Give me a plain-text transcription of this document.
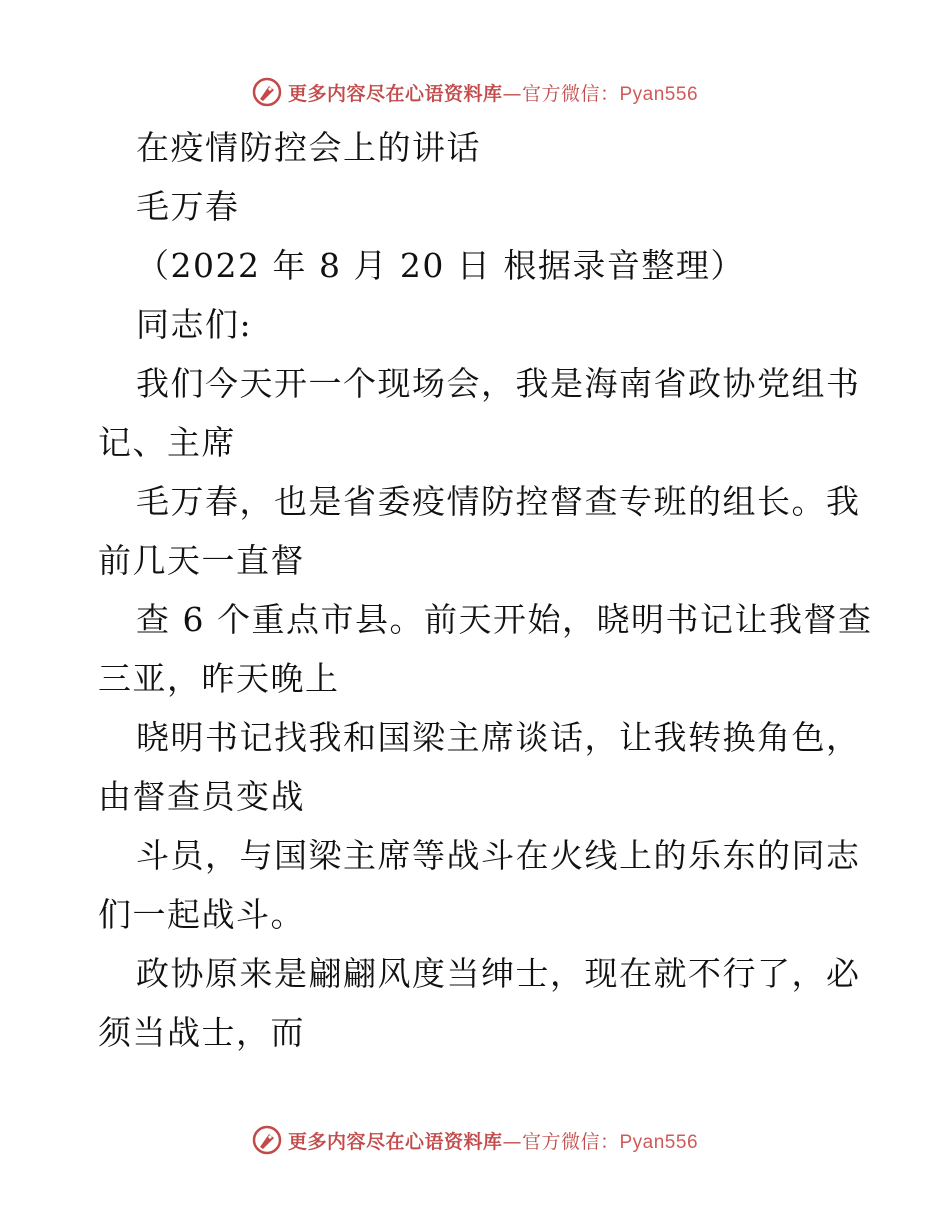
更多内容尽在心语资料库—官方微信：Pyan556
在疫情防控会上的讲话
毛万春
（2022 年 8 月 20 日 根据录音整理）
同志们:
我们今天开一个现场会，我是海南省政协党组书
记、主席
毛万春，也是省委疫情防控督查专班的组长。我
前几天一直督
查 6 个重点市县。前天开始，晓明书记让我督查
三亚，昨天晚上
晓明书记找我和国梁主席谈话，让我转换角色，
由督查员变战
斗员，与国梁主席等战斗在火线上的乐东的同志
们一起战斗。
政协原来是翩翩风度当绅士，现在就不行了，必
须当战士，而
更多内容尽在心语资料库—官方微信：Pyan556
